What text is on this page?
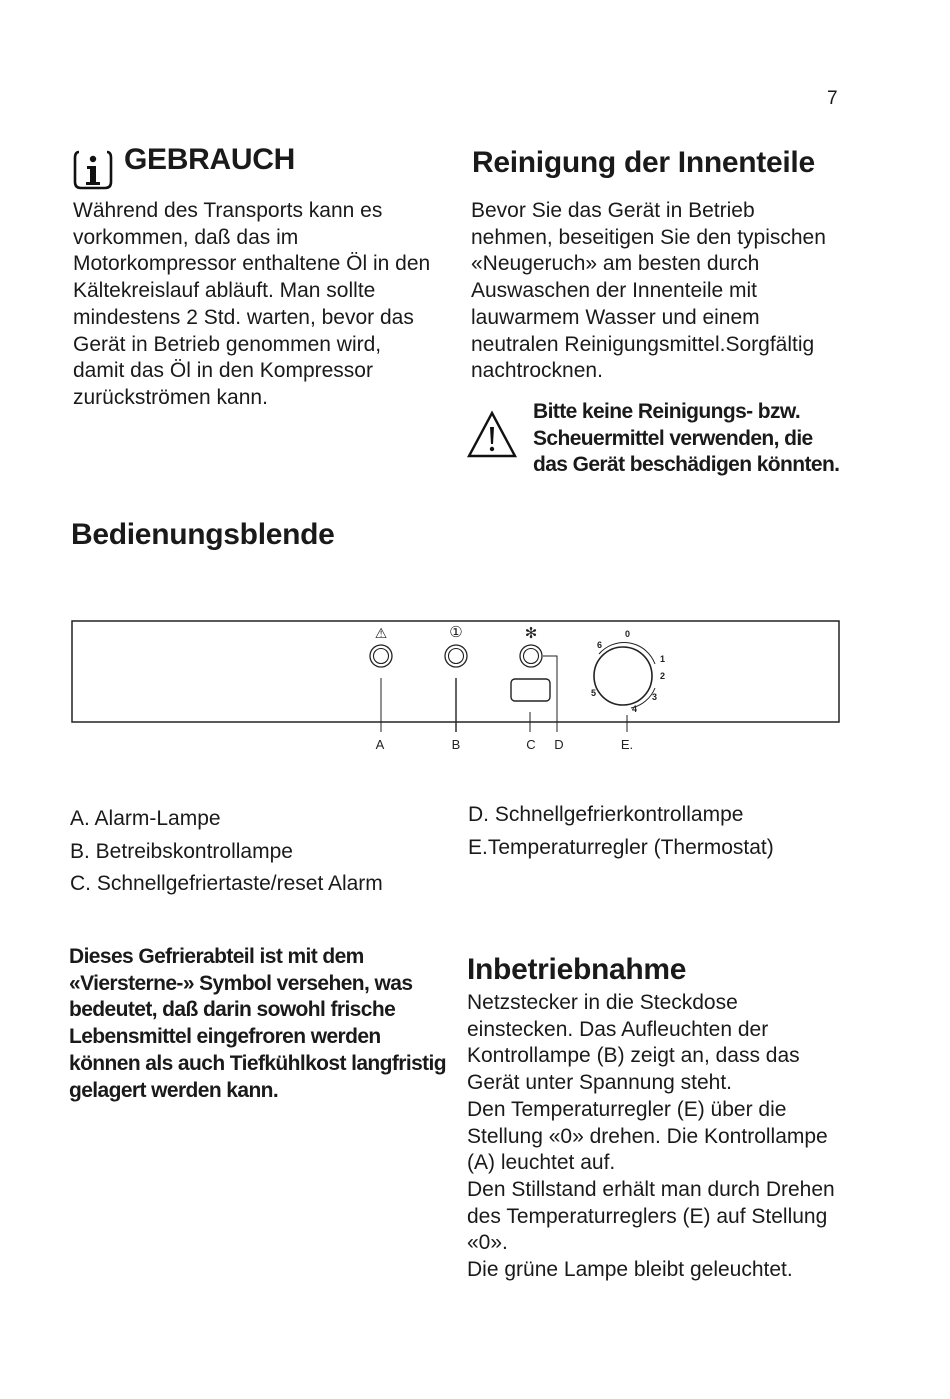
7
GEBRAUCH
Während des Transports kann es
vorkommen, daß das im
Motorkompressor enthaltene Öl in den
Kältekreislauf abläuft. Man sollte
mindestens 2 Std. warten, bevor das
Gerät in Betrieb genommen wird,
damit das Öl in den Kompressor
zurückströmen kann.
Reinigung der Innenteile
Bevor Sie das Gerät in Betrieb
nehmen, beseitigen Sie den typischen
«Neugeruch» am besten durch
Auswaschen der Innenteile mit
lauwarmem Wasser und einem
neutralen Reinigungsmittel.Sorgfältig
nachtrocknen.
Bitte keine Reinigungs- bzw.
Scheuermittel verwenden, die
das Gerät beschädigen könnten.
Bedienungsblende
⚠	①	✻	0
1
2
3
4
5
6
A	B	C D	E.
A. Alarm-Lampe
B. Betreibskontrollampe
C. Schnellgefriertaste/reset Alarm
D. Schnellgefrierkontrollampe
E.Temperaturregler (Thermostat)
Dieses Gefrierabteil ist mit dem
«Viersterne-» Symbol versehen, was
bedeutet, daß darin sowohl frische
Lebensmittel eingefroren werden
können als auch Tiefkühlkost langfristig
gelagert werden kann.
Inbetriebnahme
Netzstecker in die Steckdose
einstecken. Das Aufleuchten der
Kontrollampe (B) zeigt an, dass das
Gerät unter Spannung steht.
Den Temperaturregler (E) über die
Stellung «0» drehen. Die Kontrollampe
(A) leuchtet auf.
Den Stillstand erhält man durch Drehen
des Temperaturreglers (E) auf Stellung
«0».
Die grüne Lampe bleibt geleuchtet.
